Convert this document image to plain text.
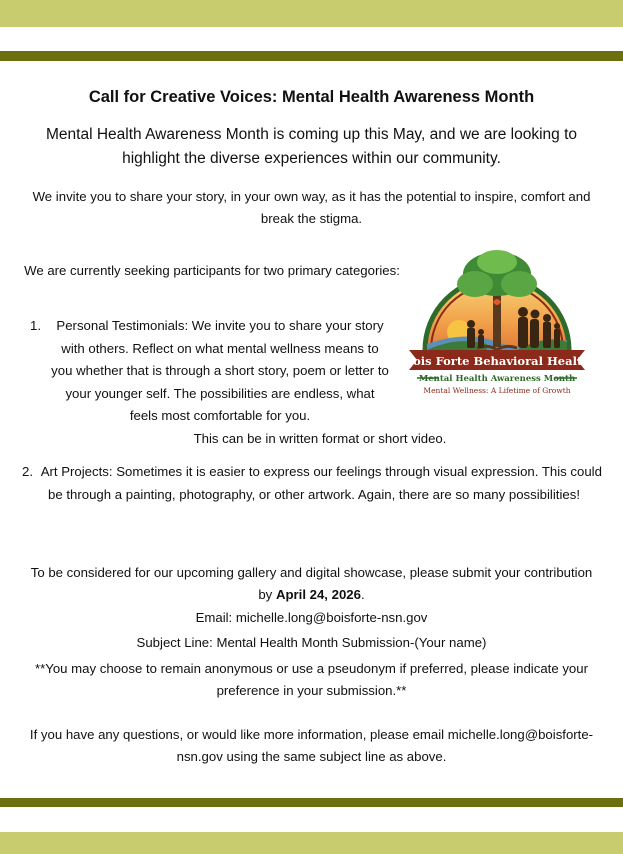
Call for Creative Voices: Mental Health Awareness Month
Mental Health Awareness Month is coming up this May, and we are looking to highlight the diverse experiences within our community.
We invite you to share your story, in your own way, as it has the potential to inspire, comfort and break the stigma.
We are currently seeking participants for two primary categories:
1.	Personal Testimonials: We invite you to share your story with others. Reflect on what mental wellness means to you whether that is through a short story, poem or letter to your younger self. The possibilities are endless, what feels most comfortable for you.
This can be in written format or short video.
2. Art Projects: Sometimes it is easier to express our feelings through visual expression. This could be through a painting, photography, or other artwork. Again, there are so many possibilities!
To be considered for our upcoming gallery and digital showcase, please submit your contribution by April 24, 2026.
Email: michelle.long@boisforte-nsn.gov
Subject Line: Mental Health Month Submission-(Your name)
**You may choose to remain anonymous or use a pseudonym if preferred, please indicate your preference in your submission.**
If you have any questions, or would like more information, please email michelle.long@boisforte-nsn.gov using the same subject line as above.
Bois Forte Behavioral Health
Mental Health Awareness Month
Mental Wellness: A Lifetime of Growth
